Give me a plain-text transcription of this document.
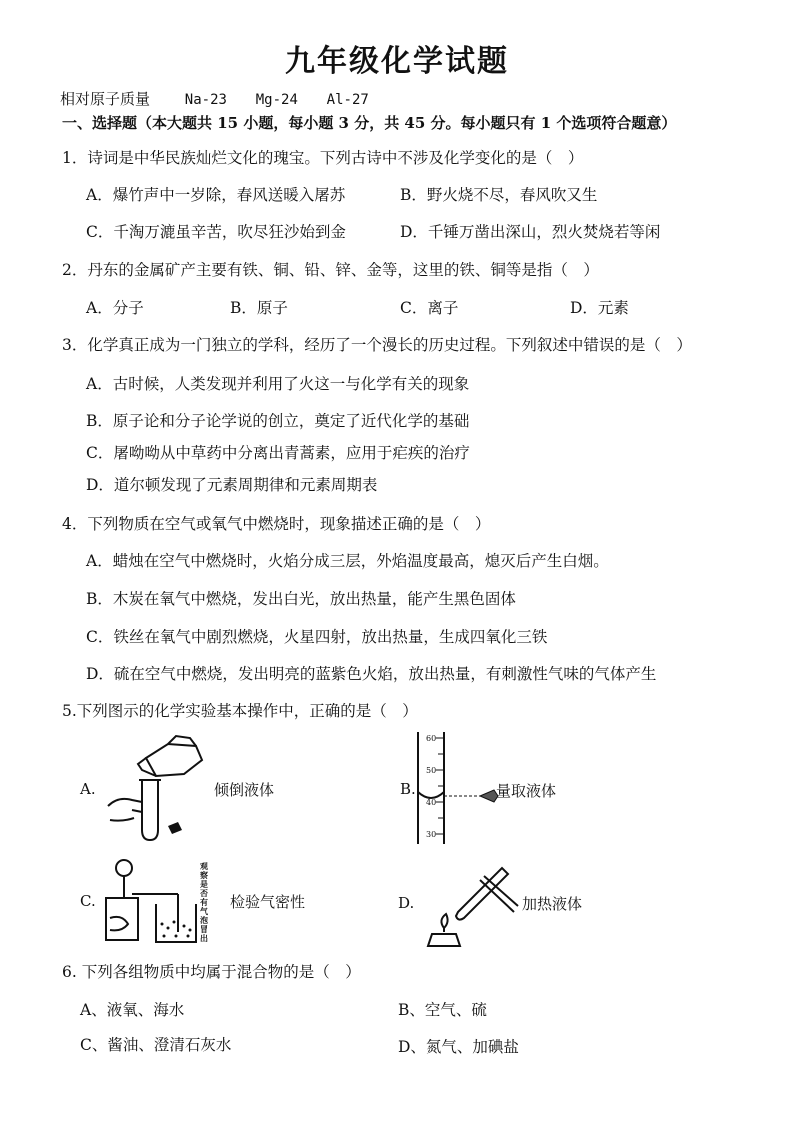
九年级化学试题
相对原子质量 Na-23 Mg-24 Al-27
一、选择题（本大题共 15 小题，每小题 3 分，共 45 分。每小题只有 1 个选项符合题意）
1．诗词是中华民族灿烂文化的瑰宝。下列古诗中不涉及化学变化的是（　）
A．爆竹声中一岁除，春风送暖入屠苏	B．野火烧不尽，春风吹又生
C．千淘万漉虽辛苦，吹尽狂沙始到金	D．千锤万凿出深山，烈火焚烧若等闲
2．丹东的金属矿产主要有铁、铜、铅、锌、金等，这里的铁、铜等是指（　）
A．分子	B．原子	C．离子	D．元素
3．化学真正成为一门独立的学科，经历了一个漫长的历史过程。下列叙述中错误的是（　）
A．古时候，人类发现并利用了火这一与化学有关的现象
B．原子论和分子论学说的创立，奠定了近代化学的基础
C．屠呦呦从中草药中分离出青蒿素，应用于疟疾的治疗
D．道尔顿发现了元素周期律和元素周期表
4．下列物质在空气或氧气中燃烧时，现象描述正确的是（　）
A．蜡烛在空气中燃烧时，火焰分成三层，外焰温度最高，熄灭后产生白烟。
B．木炭在氧气中燃烧，发出白光，放出热量，能产生黑色固体
C．铁丝在氧气中剧烈燃烧，火星四射，放出热量，生成四氧化三铁
D．硫在空气中燃烧，发出明亮的蓝紫色火焰，放出热量，有刺激性气味的气体产生
5.下列图示的化学实验基本操作中，正确的是（　）
A.	倾倒液体	B.
60
50
40
30
量取液体
C.
观察是否有气泡冒出
检验气密性	D.	加热液体
6. 下列各组物质中均属于混合物的是（　）
A、液氧、海水	B、空气、硫
C、酱油、澄清石灰水	D、氮气、加碘盐
